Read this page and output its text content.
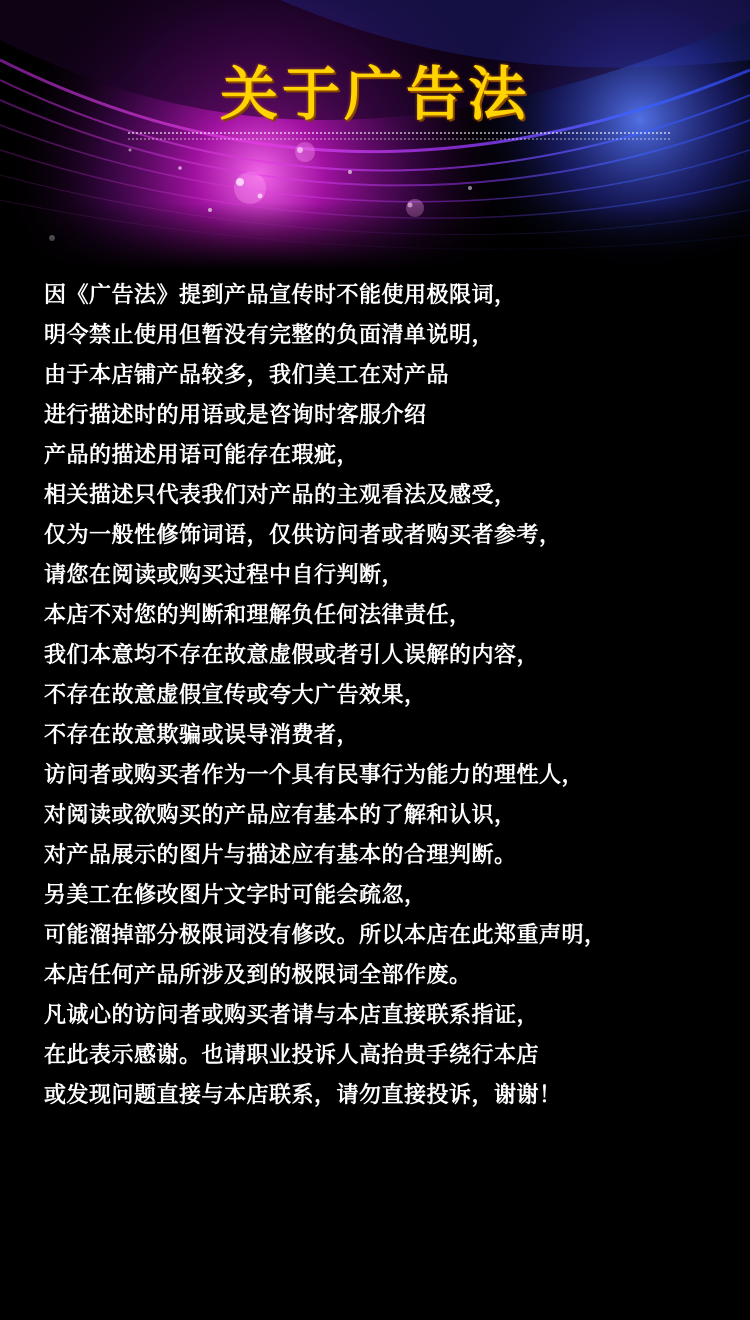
关于广告法
因《广告法》提到产品宣传时不能使用极限词，
明令禁止使用但暂没有完整的负面清单说明，
由于本店铺产品较多，我们美工在对产品
进行描述时的用语或是咨询时客服介绍
产品的描述用语可能存在瑕疵，
相关描述只代表我们对产品的主观看法及感受，
仅为一般性修饰词语，仅供访问者或者购买者参考，
请您在阅读或购买过程中自行判断，
本店不对您的判断和理解负任何法律责任，
我们本意均不存在故意虚假或者引人误解的内容，
不存在故意虚假宣传或夸大广告效果，
不存在故意欺骗或误导消费者，
访问者或购买者作为一个具有民事行为能力的理性人，
对阅读或欲购买的产品应有基本的了解和认识，
对产品展示的图片与描述应有基本的合理判断。
另美工在修改图片文字时可能会疏忽，
可能溜掉部分极限词没有修改。所以本店在此郑重声明，
本店任何产品所涉及到的极限词全部作废。
凡诚心的访问者或购买者请与本店直接联系指证，
在此表示感谢。也请职业投诉人高抬贵手绕行本店
或发现问题直接与本店联系，请勿直接投诉，谢谢！
